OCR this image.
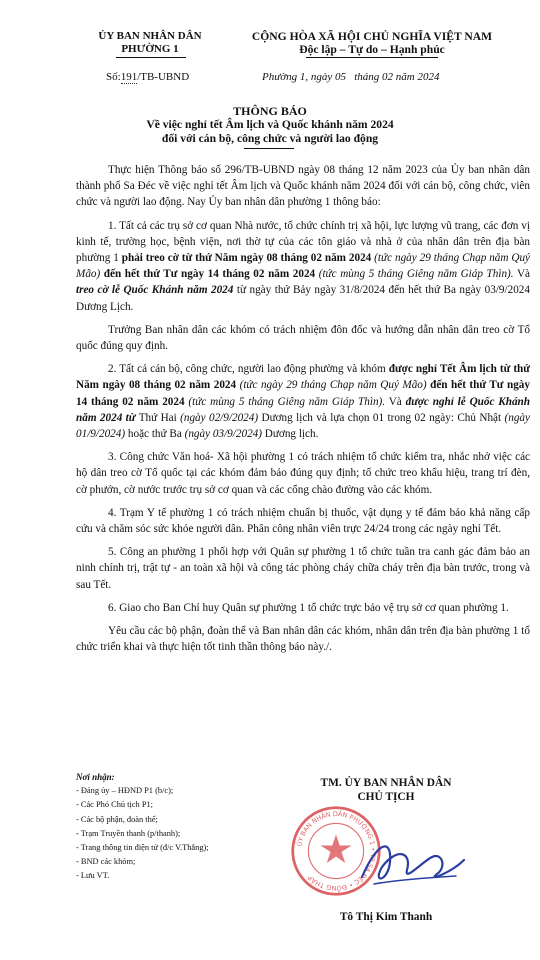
ỦY BAN NHÂN DÂN
PHƯỜNG 1
CỘNG HÒA XÃ HỘI CHỦ NGHĨA VIỆT NAM
Độc lập – Tự do – Hạnh phúc
Số:191/TB-UBND	Phường 1, ngày 05   tháng 02 năm 2024
THÔNG BÁO
Về việc nghỉ tết Âm lịch và Quốc khánh năm 2024
đối với cán bộ, công chức và người lao động

Thực hiện Thông báo số 296/TB-UBND ngày 08 tháng 12 năm 2023 của Ủy ban nhân dân thành phố Sa Đéc về việc nghỉ tết Âm lịch và Quốc khánh năm 2024 đối với cán bộ, công chức, viên chức và người lao động. Nay Ủy ban nhân dân phường 1 thông báo:

1. Tất cả các trụ sở cơ quan Nhà nước, tổ chức chính trị xã hội, lực lượng vũ trang, các đơn vị kinh tế, trường học, bệnh viện, nơi thờ tự của các tôn giáo và nhà ở của nhân dân trên địa bàn phường 1 phải treo cờ từ thứ Năm ngày 08 tháng 02 năm 2024 (tức ngày 29 tháng Chạp năm Quý Mão) đến hết thứ Tư ngày 14 tháng 02 năm 2024 (tức mùng 5 tháng Giêng năm Giáp Thìn). Và treo cờ lễ Quốc Khánh năm 2024 từ ngày thứ Bảy ngày 31/8/2024 đến hết thứ Ba ngày 03/9/2024 Dương Lịch.

Trưởng Ban nhân dân các khóm có trách nhiệm đôn đốc và hướng dẫn nhân dân treo cờ Tổ quốc đúng quy định.

2. Tất cả cán bộ, công chức, người lao động phường và khóm được nghỉ Tết Âm lịch từ thứ Năm ngày 08 tháng 02 năm 2024 (tức ngày 29 tháng Chạp năm Quý Mão) đến hết thứ Tư ngày 14 tháng 02 năm 2024 (tức mùng 5 tháng Giêng năm Giáp Thìn). Và được nghỉ lễ Quốc Khánh năm 2024 từ Thứ Hai (ngày 02/9/2024) Dương lịch và lựa chọn 01 trong 02 ngày: Chủ Nhật (ngày 01/9/2024) hoặc thứ Ba (ngày 03/9/2024) Dương lịch.

3. Công chức Văn hoá- Xã hội phường 1 có trách nhiệm tổ chức kiểm tra, nhắc nhở việc các hộ dân treo cờ Tổ quốc tại các khóm đảm bảo đúng quy định; tổ chức treo khẩu hiệu, trang trí đèn, cờ phướn, cờ nước trước trụ sở cơ quan và các cổng chào đường vào các khóm.

4. Trạm Y tế phường 1 có trách nhiệm chuẩn bị thuốc, vật dụng y tế đảm bảo khả năng cấp cứu và chăm sóc sức khỏe người dân. Phân công nhân viên trực 24/24 trong các ngày nghỉ Tết.

5. Công an phường 1 phối hợp với Quân sự phường 1 tổ chức tuần tra canh gác đảm bảo an ninh chính trị, trật tự - an toàn xã hội và công tác phòng cháy chữa cháy trên địa bàn trước, trong và sau Tết.

6. Giao cho Ban Chỉ huy Quân sự phường 1 tổ chức trực bảo vệ trụ sở cơ quan phường 1.

Yêu cầu các bộ phận, đoàn thể và Ban nhân dân các khóm, nhân dân trên địa bàn phường 1 tổ chức triển khai và thực hiện tốt tinh thần thông báo này./.

Nơi nhận:
- Đảng ủy – HĐND P1 (b/c);
- Các Phó Chủ tịch P1;
- Các bộ phận, đoàn thể;
- Trạm Truyền thanh (p/thanh);
- Trang thông tin điện tử (đ/c V.Thắng);
- BND các khóm;
- Lưu VT.
TM. ỦY BAN NHÂN DÂN
CHỦ TỊCH
ỦY BAN NHÂN DÂN PHƯỜNG 1 • TP SA ĐÉC • ĐỒNG THÁP
Tô Thị Kim Thanh
